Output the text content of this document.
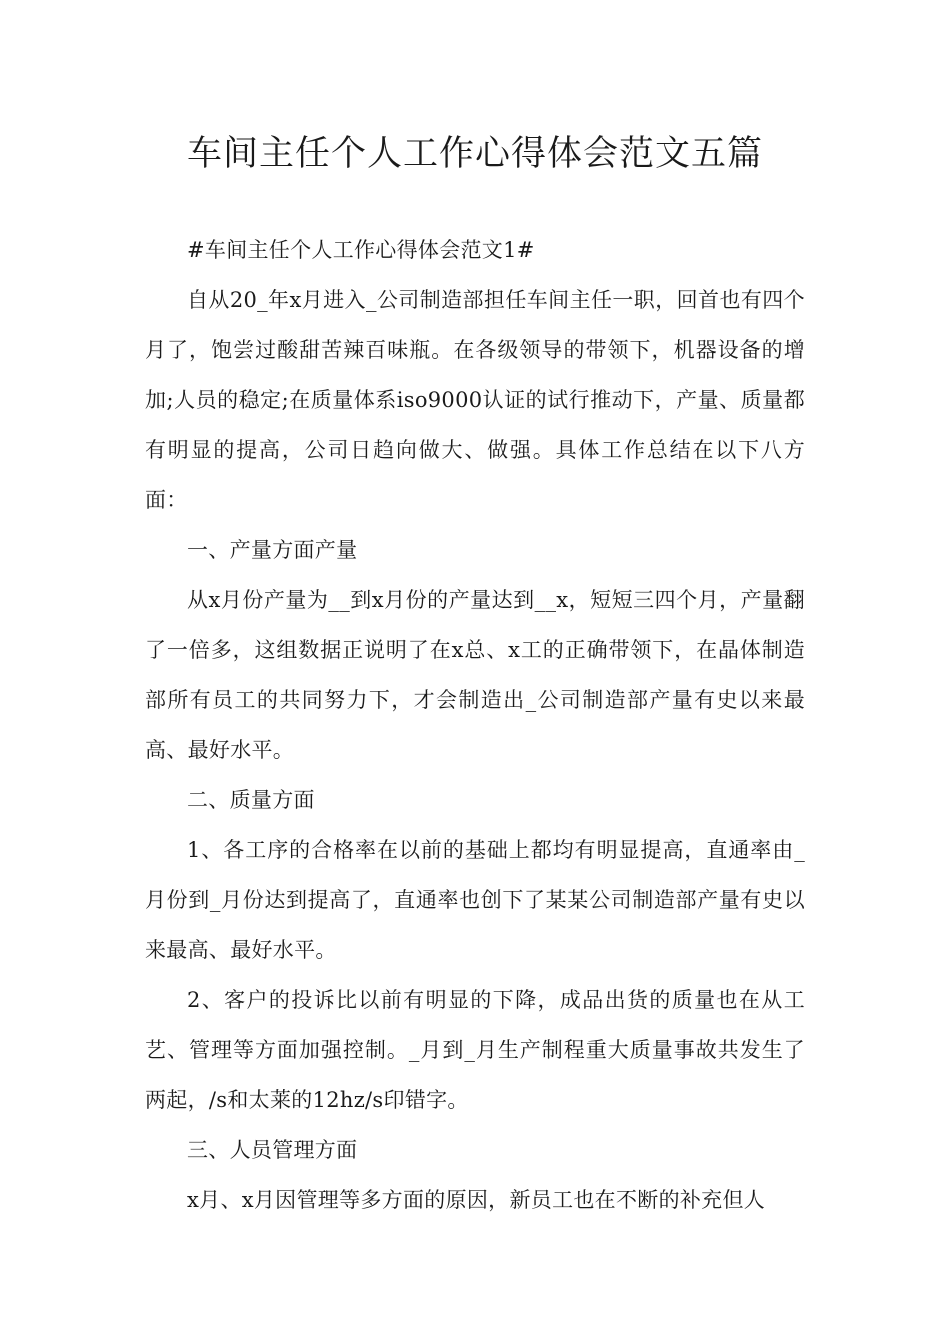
车间主任个人工作心得体会范文五篇

#车间主任个人工作心得体会范文1#

自从20_年x月进入_公司制造部担任车间主任一职，回首也有四个月了，饱尝过酸甜苦辣百味瓶。在各级领导的带领下，机器设备的增加;人员的稳定;在质量体系iso9000认证的试行推动下，产量、质量都有明显的提高，公司日趋向做大、做强。具体工作总结在以下八方面：

一、产量方面产量

从x月份产量为__到x月份的产量达到__x，短短三四个月，产量翻了一倍多，这组数据正说明了在x总、x工的正确带领下，在晶体制造部所有员工的共同努力下，才会制造出_公司制造部产量有史以来最高、最好水平。

二、质量方面

1、各工序的合格率在以前的基础上都均有明显提高，直通率由_月份到_月份达到提高了，直通率也创下了某某公司制造部产量有史以来最高、最好水平。

2、客户的投诉比以前有明显的下降，成品出货的质量也在从工艺、管理等方面加强控制。_月到_月生产制程重大质量事故共发生了两起，/s和太莱的12hz/s印错字。

三、人员管理方面

x月、x月因管理等多方面的原因，新员工也在不断的补充但人
